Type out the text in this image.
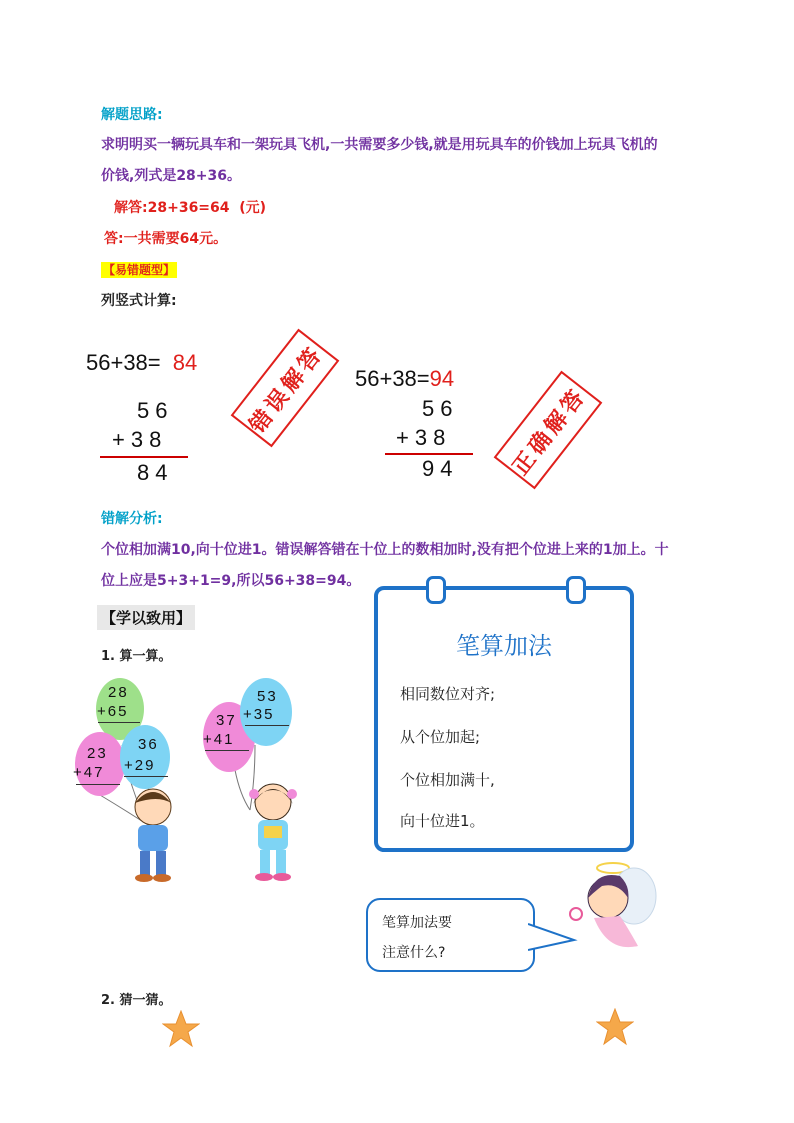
解题思路:
求明明买一辆玩具车和一架玩具飞机,一共需要多少钱,就是用玩具车的价钱加上玩具飞机的
价钱,列式是28+36。
解答:28+36=64 (元)
答:一共需要64元。
【易错题型】
列竖式计算:
56+38= 84
56
+38
84
错误解答	56+38=94
56
+38
94	正确解答
错解分析:
个位相加满10,向十位进1。错误解答错在十位上的数相加时,没有把个位进上来的1加上。十
位上应是5+3+1=9,所以56+38=94。
【学以致用】
1. 算一算。
28
+65
23
+47
36
+29
37
+41
53
+35
笔算加法
相同数位对齐;
从个位加起;
个位相加满十,
向十位进1。
笔算加法要
注意什么?
2. 猜一猜。
